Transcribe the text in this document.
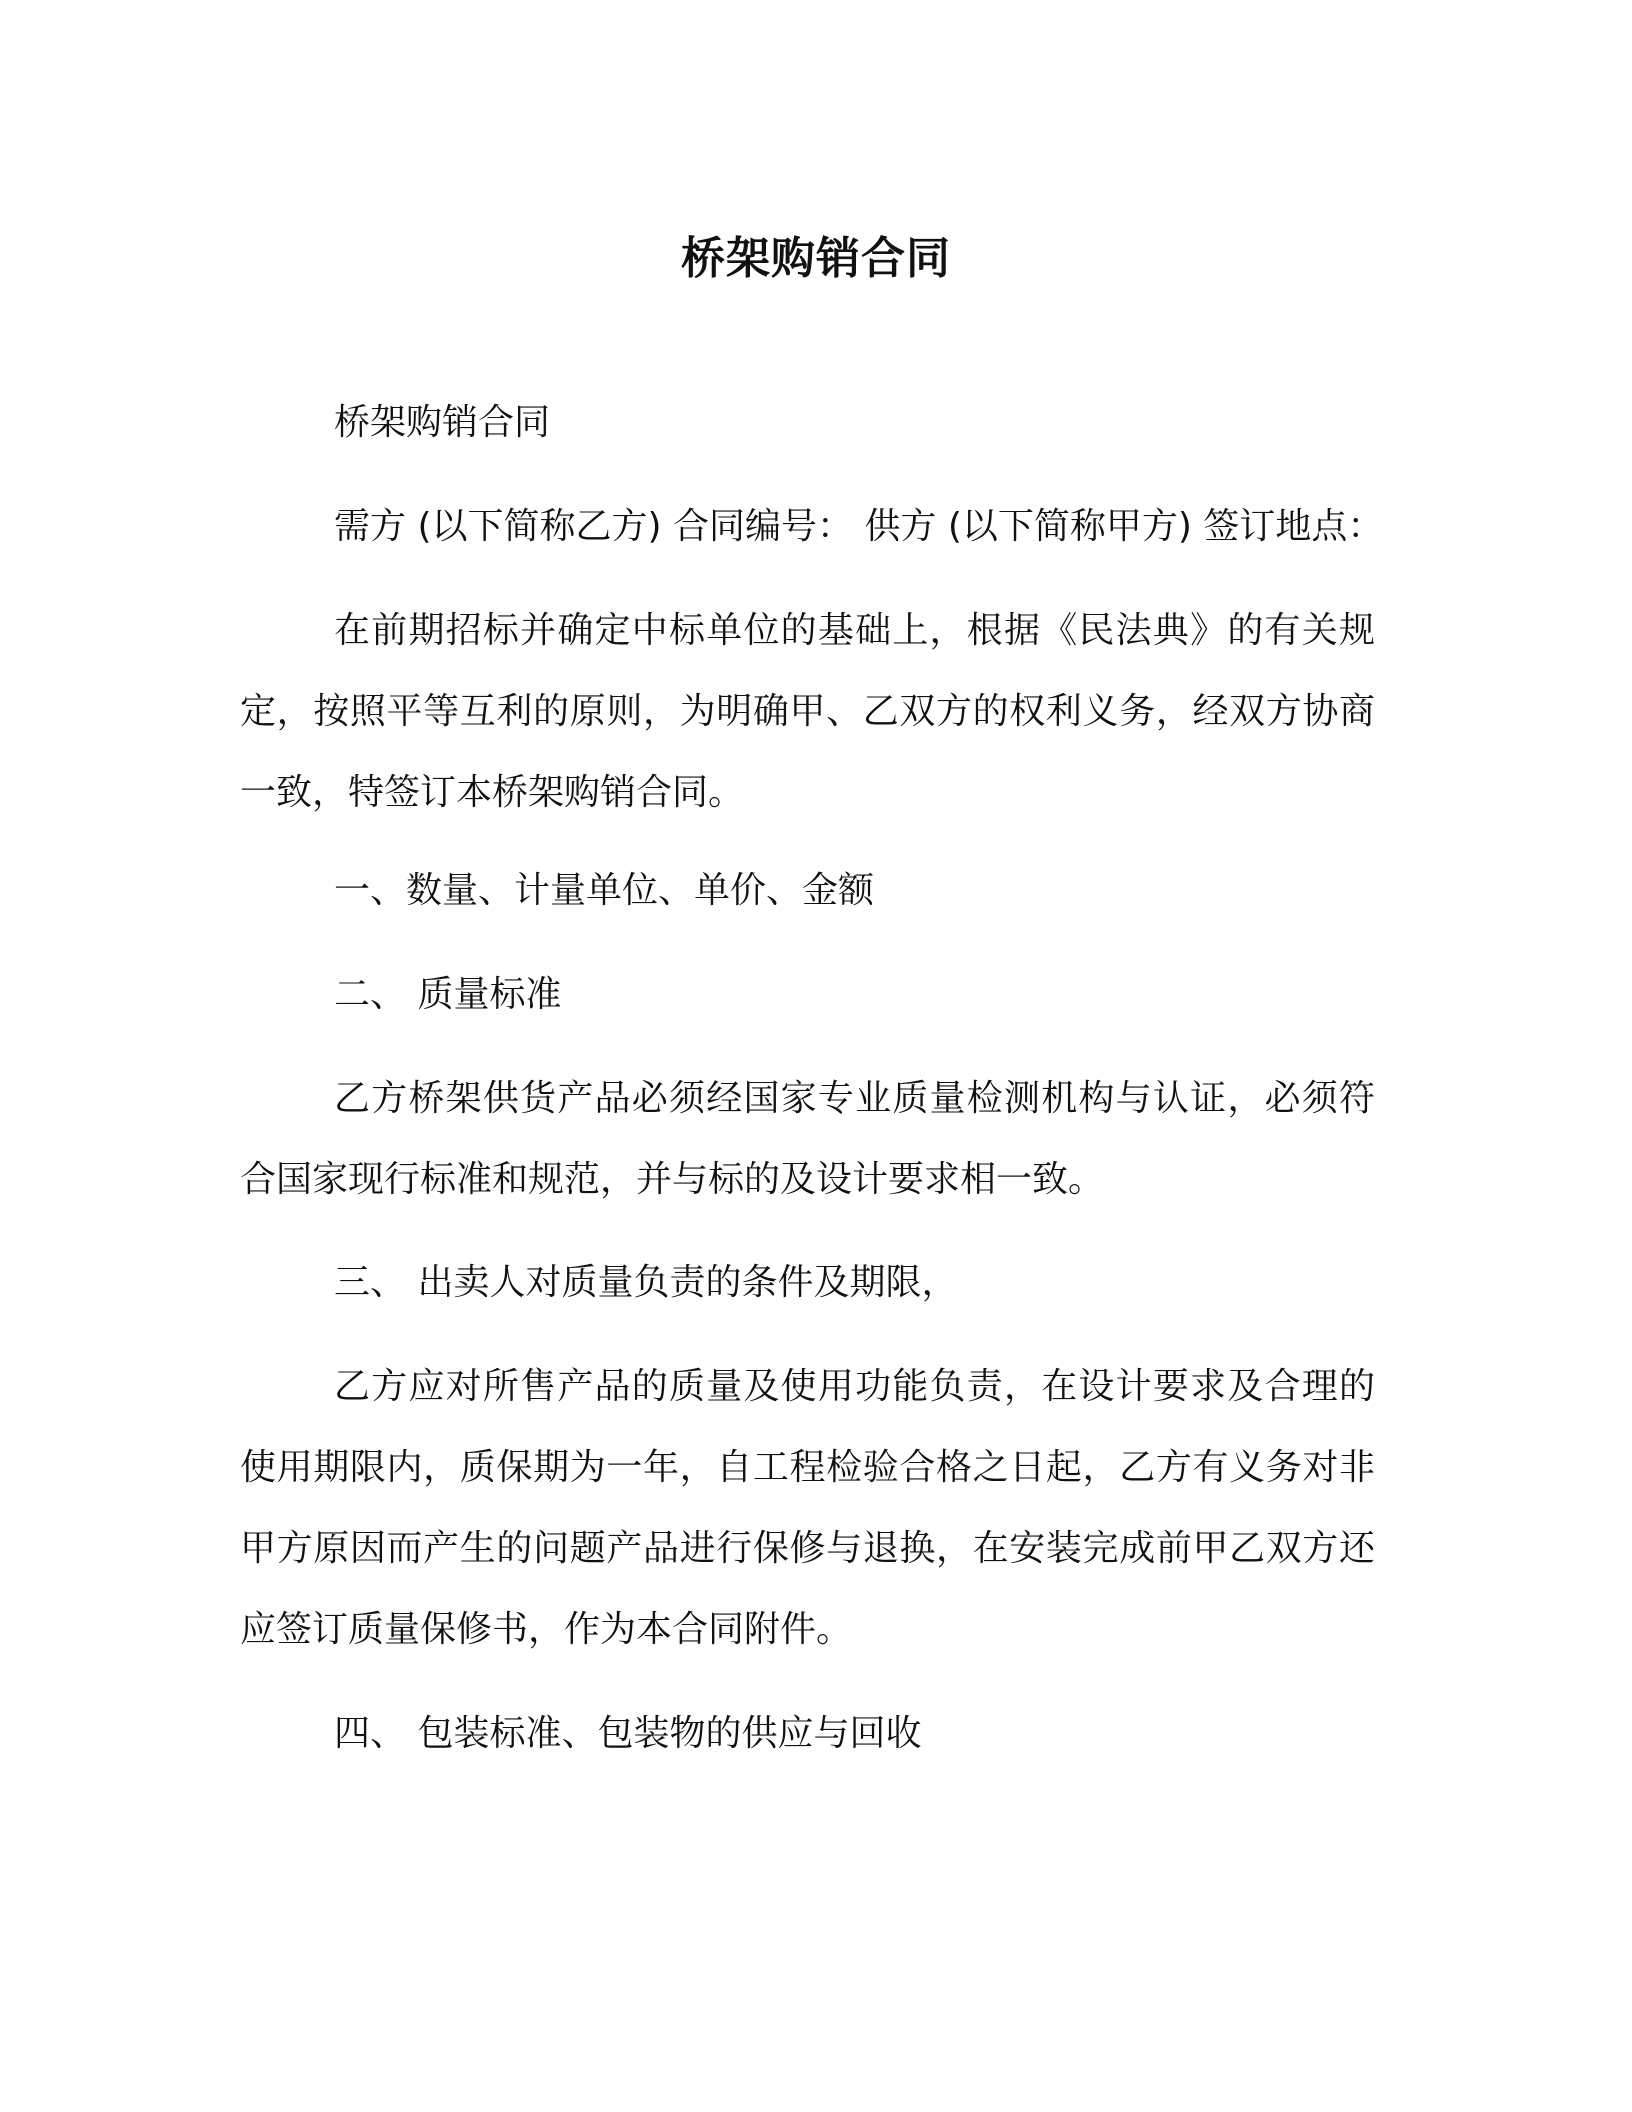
桥架购销合同
桥架购销合同
需方 (以下简称乙方) 合同编号： 供方 (以下简称甲方) 签订地点：
在前期招标并确定中标单位的基础上，根据《民法典》的有关规定，按照平等互利的原则，为明确甲、乙双方的权利义务，经双方协商一致，特签订本桥架购销合同。
一、数量、计量单位、单价、金额
二、 质量标准
乙方桥架供货产品必须经国家专业质量检测机构与认证，必须符合国家现行标准和规范，并与标的及设计要求相一致。
三、 出卖人对质量负责的条件及期限，
乙方应对所售产品的质量及使用功能负责，在设计要求及合理的使用期限内，质保期为一年，自工程检验合格之日起，乙方有义务对非甲方原因而产生的问题产品进行保修与退换，在安装完成前甲乙双方还应签订质量保修书，作为本合同附件。
四、 包装标准、包装物的供应与回收
